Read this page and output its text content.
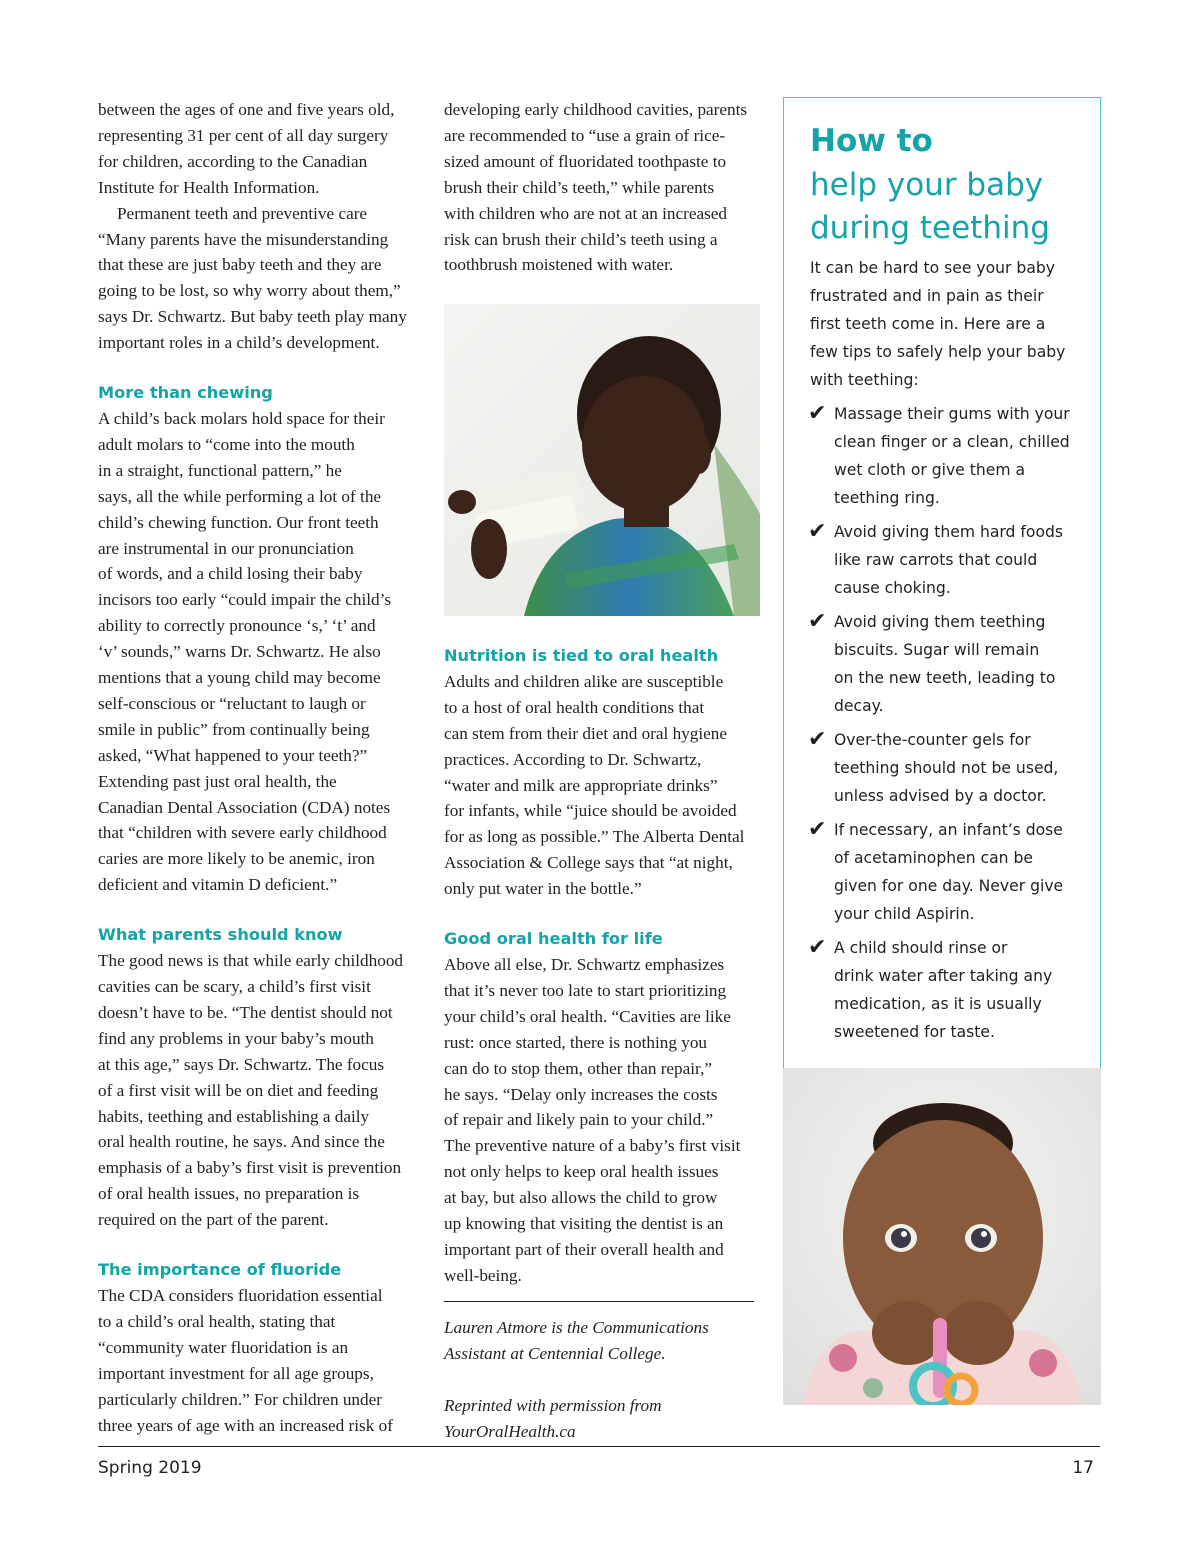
between the ages of one and five years old,
representing 31 per cent of all day surgery
for children, according to the Canadian
Institute for Health Information.

Permanent teeth and preventive care
“Many parents have the misunderstanding
that these are just baby teeth and they are
going to be lost, so why worry about them,”
says Dr. Schwartz. But baby teeth play many
important roles in a child’s development.

More than chewing

A child’s back molars hold space for their
adult molars to “come into the mouth
in a straight, functional pattern,” he
says, all the while performing a lot of the
child’s chewing function. Our front teeth
are instrumental in our pronunciation
of words, and a child losing their baby
incisors too early “could impair the child’s
ability to correctly pronounce ‘s,’ ‘t’ and
‘v’ sounds,” warns Dr. Schwartz. He also
mentions that a young child may become
self-conscious or “reluctant to laugh or
smile in public” from continually being
asked, “What happened to your teeth?”
Extending past just oral health, the
Canadian Dental Association (CDA) notes
that “children with severe early childhood
caries are more likely to be anemic, iron
deficient and vitamin D deficient.”

What parents should know

The good news is that while early childhood
cavities can be scary, a child’s first visit
doesn’t have to be. “The dentist should not
find any problems in your baby’s mouth
at this age,” says Dr. Schwartz. The focus
of a first visit will be on diet and feeding
habits, teething and establishing a daily
oral health routine, he says. And since the
emphasis of a baby’s first visit is prevention
of oral health issues, no preparation is
required on the part of the parent.

The importance of fluoride

The CDA considers fluoridation essential
to a child’s oral health, stating that
“community water fluoridation is an
important investment for all age groups,
particularly children.” For children under
three years of age with an increased risk of

developing early childhood cavities, parents
are recommended to “use a grain of rice-
sized amount of fluoridated toothpaste to
brush their child’s teeth,” while parents
with children who are not at an increased
risk can brush their child’s teeth using a
toothbrush moistened with water.

Nutrition is tied to oral health

Adults and children alike are susceptible
to a host of oral health conditions that
can stem from their diet and oral hygiene
practices. According to Dr. Schwartz,
“water and milk are appropriate drinks”
for infants, while “juice should be avoided
for as long as possible.” The Alberta Dental
Association & College says that “at night,
only put water in the bottle.”

Good oral health for life

Above all else, Dr. Schwartz emphasizes
that it’s never too late to start prioritizing
your child’s oral health. “Cavities are like
rust: once started, there is nothing you
can do to stop them, other than repair,”
he says. “Delay only increases the costs
of repair and likely pain to your child.”
The preventive nature of a baby’s first visit
not only helps to keep oral health issues
at bay, but also allows the child to grow
up knowing that visiting the dentist is an
important part of their overall health and
well-being.

Lauren Atmore is the Communications
Assistant at Centennial College.
Reprinted with permission from
YourOralHealth.ca
How to
help your baby
during teething
It can be hard to see your baby
frustrated and in pain as their
first teeth come in. Here are a
few tips to safely help your baby
with teething:
✔ Massage their gums with your
clean finger or a clean, chilled
wet cloth or give them a
teething ring.
✔ Avoid giving them hard foods
like raw carrots that could
cause choking.
✔ Avoid giving them teething
biscuits. Sugar will remain
on the new teeth, leading to
decay.
✔ Over-the-counter gels for
teething should not be used,
unless advised by a doctor.
✔ If necessary, an infant’s dose
of acetaminophen can be
given for one day. Never give
your child Aspirin.
✔ A child should rinse or
drink water after taking any
medication, as it is usually
sweetened for taste.
Spring 2019	17
